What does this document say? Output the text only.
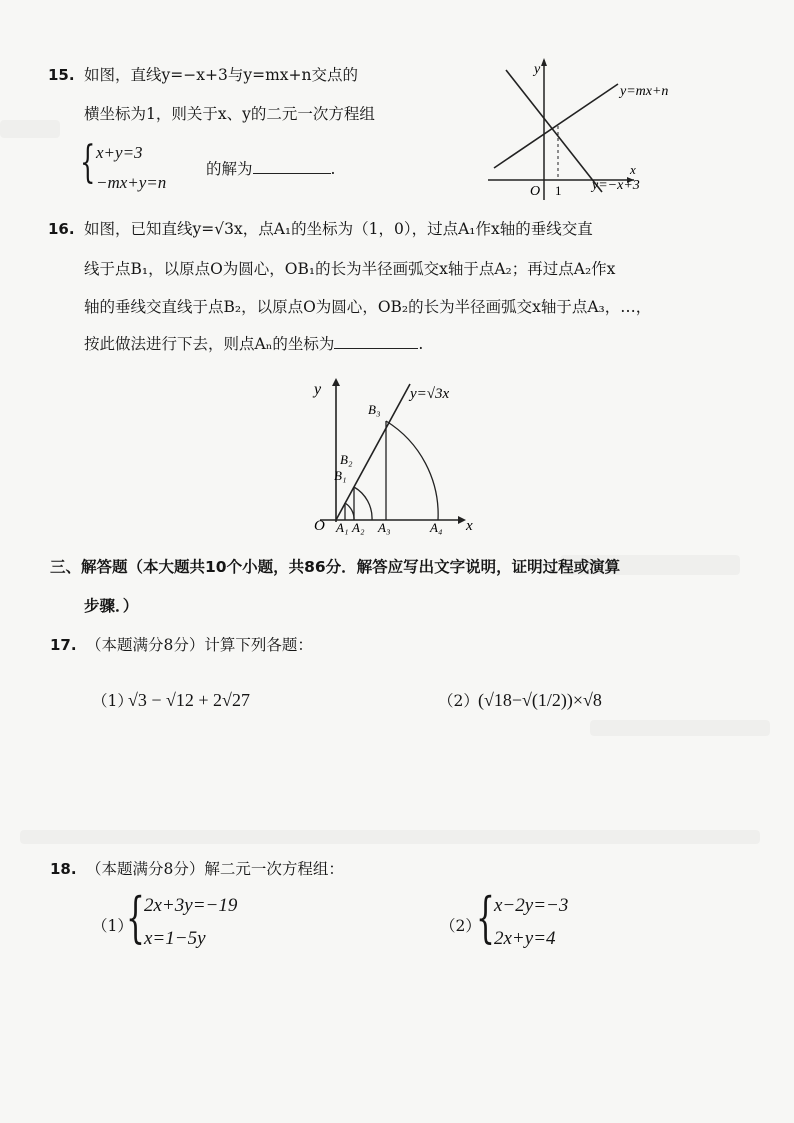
15. 如图，直线y=−x+3与y=mx+n交点的
横坐标为1，则关于x、y的二元一次方程组
{ x+y=3
−mx+y=n
的解为	.
y
x
O 1
y=mx+n
y=−x+3
16. 如图，已知直线y=√3x，点A₁的坐标为（1，0），过点A₁作x轴的垂线交直
线于点B₁，以原点O为圆心，OB₁的长为半径画弧交x轴于点A₂；再过点A₂作x
轴的垂线交直线于点B₂，以原点O为圆心，OB₂的长为半径画弧交x轴于点A₃，…，
按此做法进行下去，则点Aₙ的坐标为	.
y
x
O
y=√3x
B₃
B₂
B₁
A₁ A₂ A₃	A₄
三、解答题（本大题共10个小题，共86分．解答应写出文字说明，证明过程或演算
步骤．）
17. （本题满分8分）计算下列各题：
（1）
√3 − √12 + 2√27	（2） (√18−√(1/2))×√8
18. （本题满分8分）解二元一次方程组：
（1）
{ 2x+3y=−19
x=1−5y
（2）
{ x−2y=−3
2x+y=4
